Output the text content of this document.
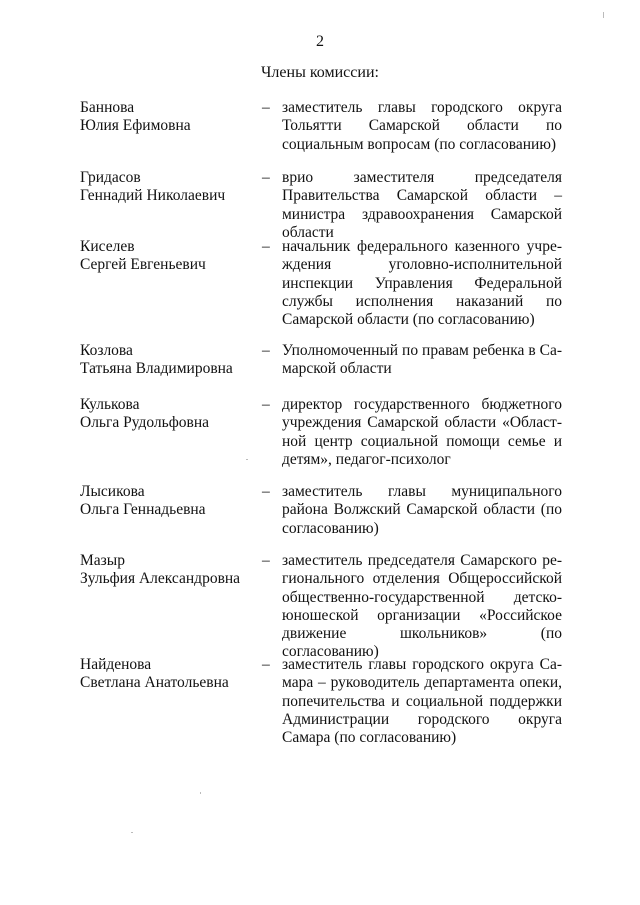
2
Члены комиссии:
Баннова
Юлия Ефимовна
– заместитель главы городского округа Тольятти Самарской области по социальным вопросам (по согласованию)
Гридасов
Геннадий Николаевич
– врио заместителя председателя Правительства Самарской области – министра здравоохранения Самарской области
Киселев
Сергей Евгеньевич
– начальник федерального казенного учреждения уголовно-исполнительной инспекции Управления Федеральной службы исполнения наказаний по Самарской области (по согласованию)
Козлова
Татьяна Владимировна
– Уполномоченный по правам ребенка в Самарской области
Кулькова
Ольга Рудольфовна
– директор государственного бюджетного учреждения Самарской области «Областной центр социальной помощи семье и детям», педагог-психолог
Лысикова
Ольга Геннадьевна
– заместитель главы муниципального района Волжский Самарской области (по согласованию)
Мазыр
Зульфия Александровна
– заместитель председателя Самарского регионального отделения Общероссийской общественно-государственной детско-юношеской организации «Российское движение школьников» (по согласованию)
Найденова
Светлана Анатольевна
– заместитель главы городского округа Самара – руководитель департамента опеки, попечительства и социальной поддержки Администрации городского округа Самара (по согласованию)
